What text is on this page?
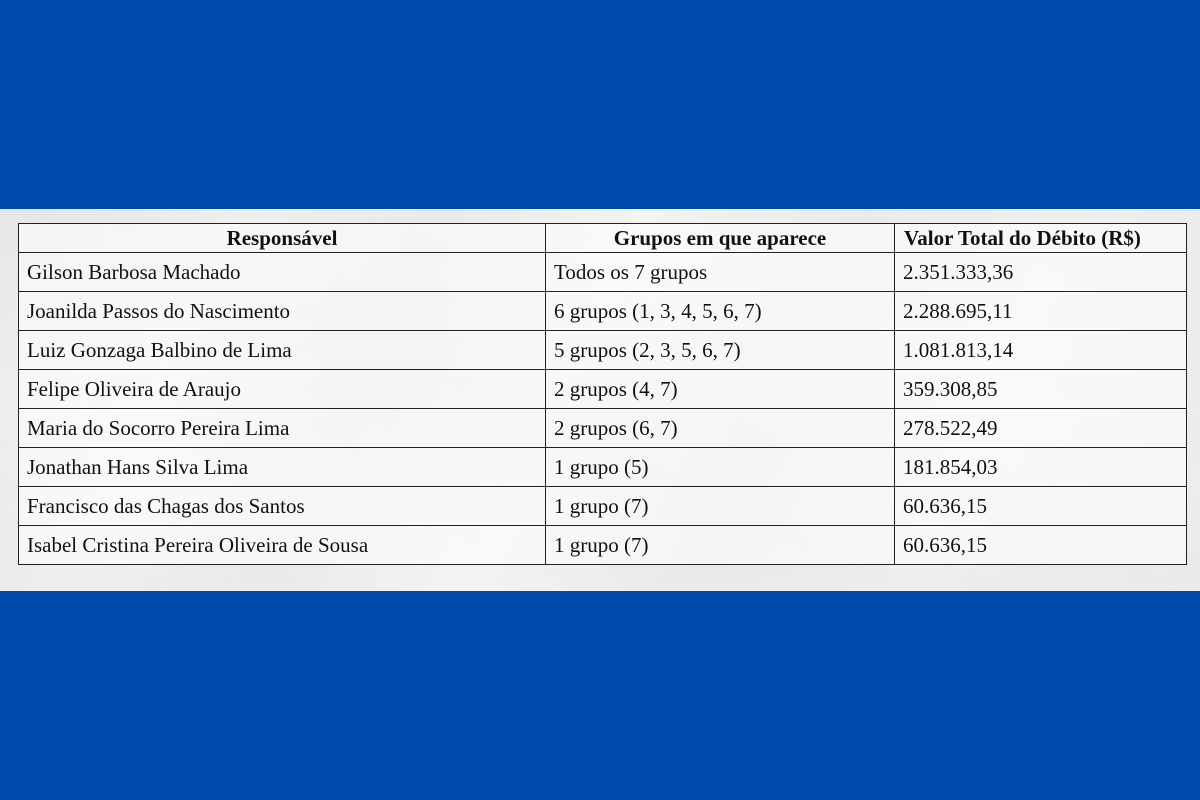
Responsável	Grupos em que aparece	Valor Total do Débito (R$)
Gilson Barbosa Machado	Todos os 7 grupos	2.351.333,36
Joanilda Passos do Nascimento	6 grupos (1, 3, 4, 5, 6, 7)	2.288.695,11
Luiz Gonzaga Balbino de Lima	5 grupos (2, 3, 5, 6, 7)	1.081.813,14
Felipe Oliveira de Araujo	2 grupos (4, 7)	359.308,85
Maria do Socorro Pereira Lima	2 grupos (6, 7)	278.522,49
Jonathan Hans Silva Lima	1 grupo (5)	181.854,03
Francisco das Chagas dos Santos	1 grupo (7)	60.636,15
Isabel Cristina Pereira Oliveira de Sousa	1 grupo (7)	60.636,15
